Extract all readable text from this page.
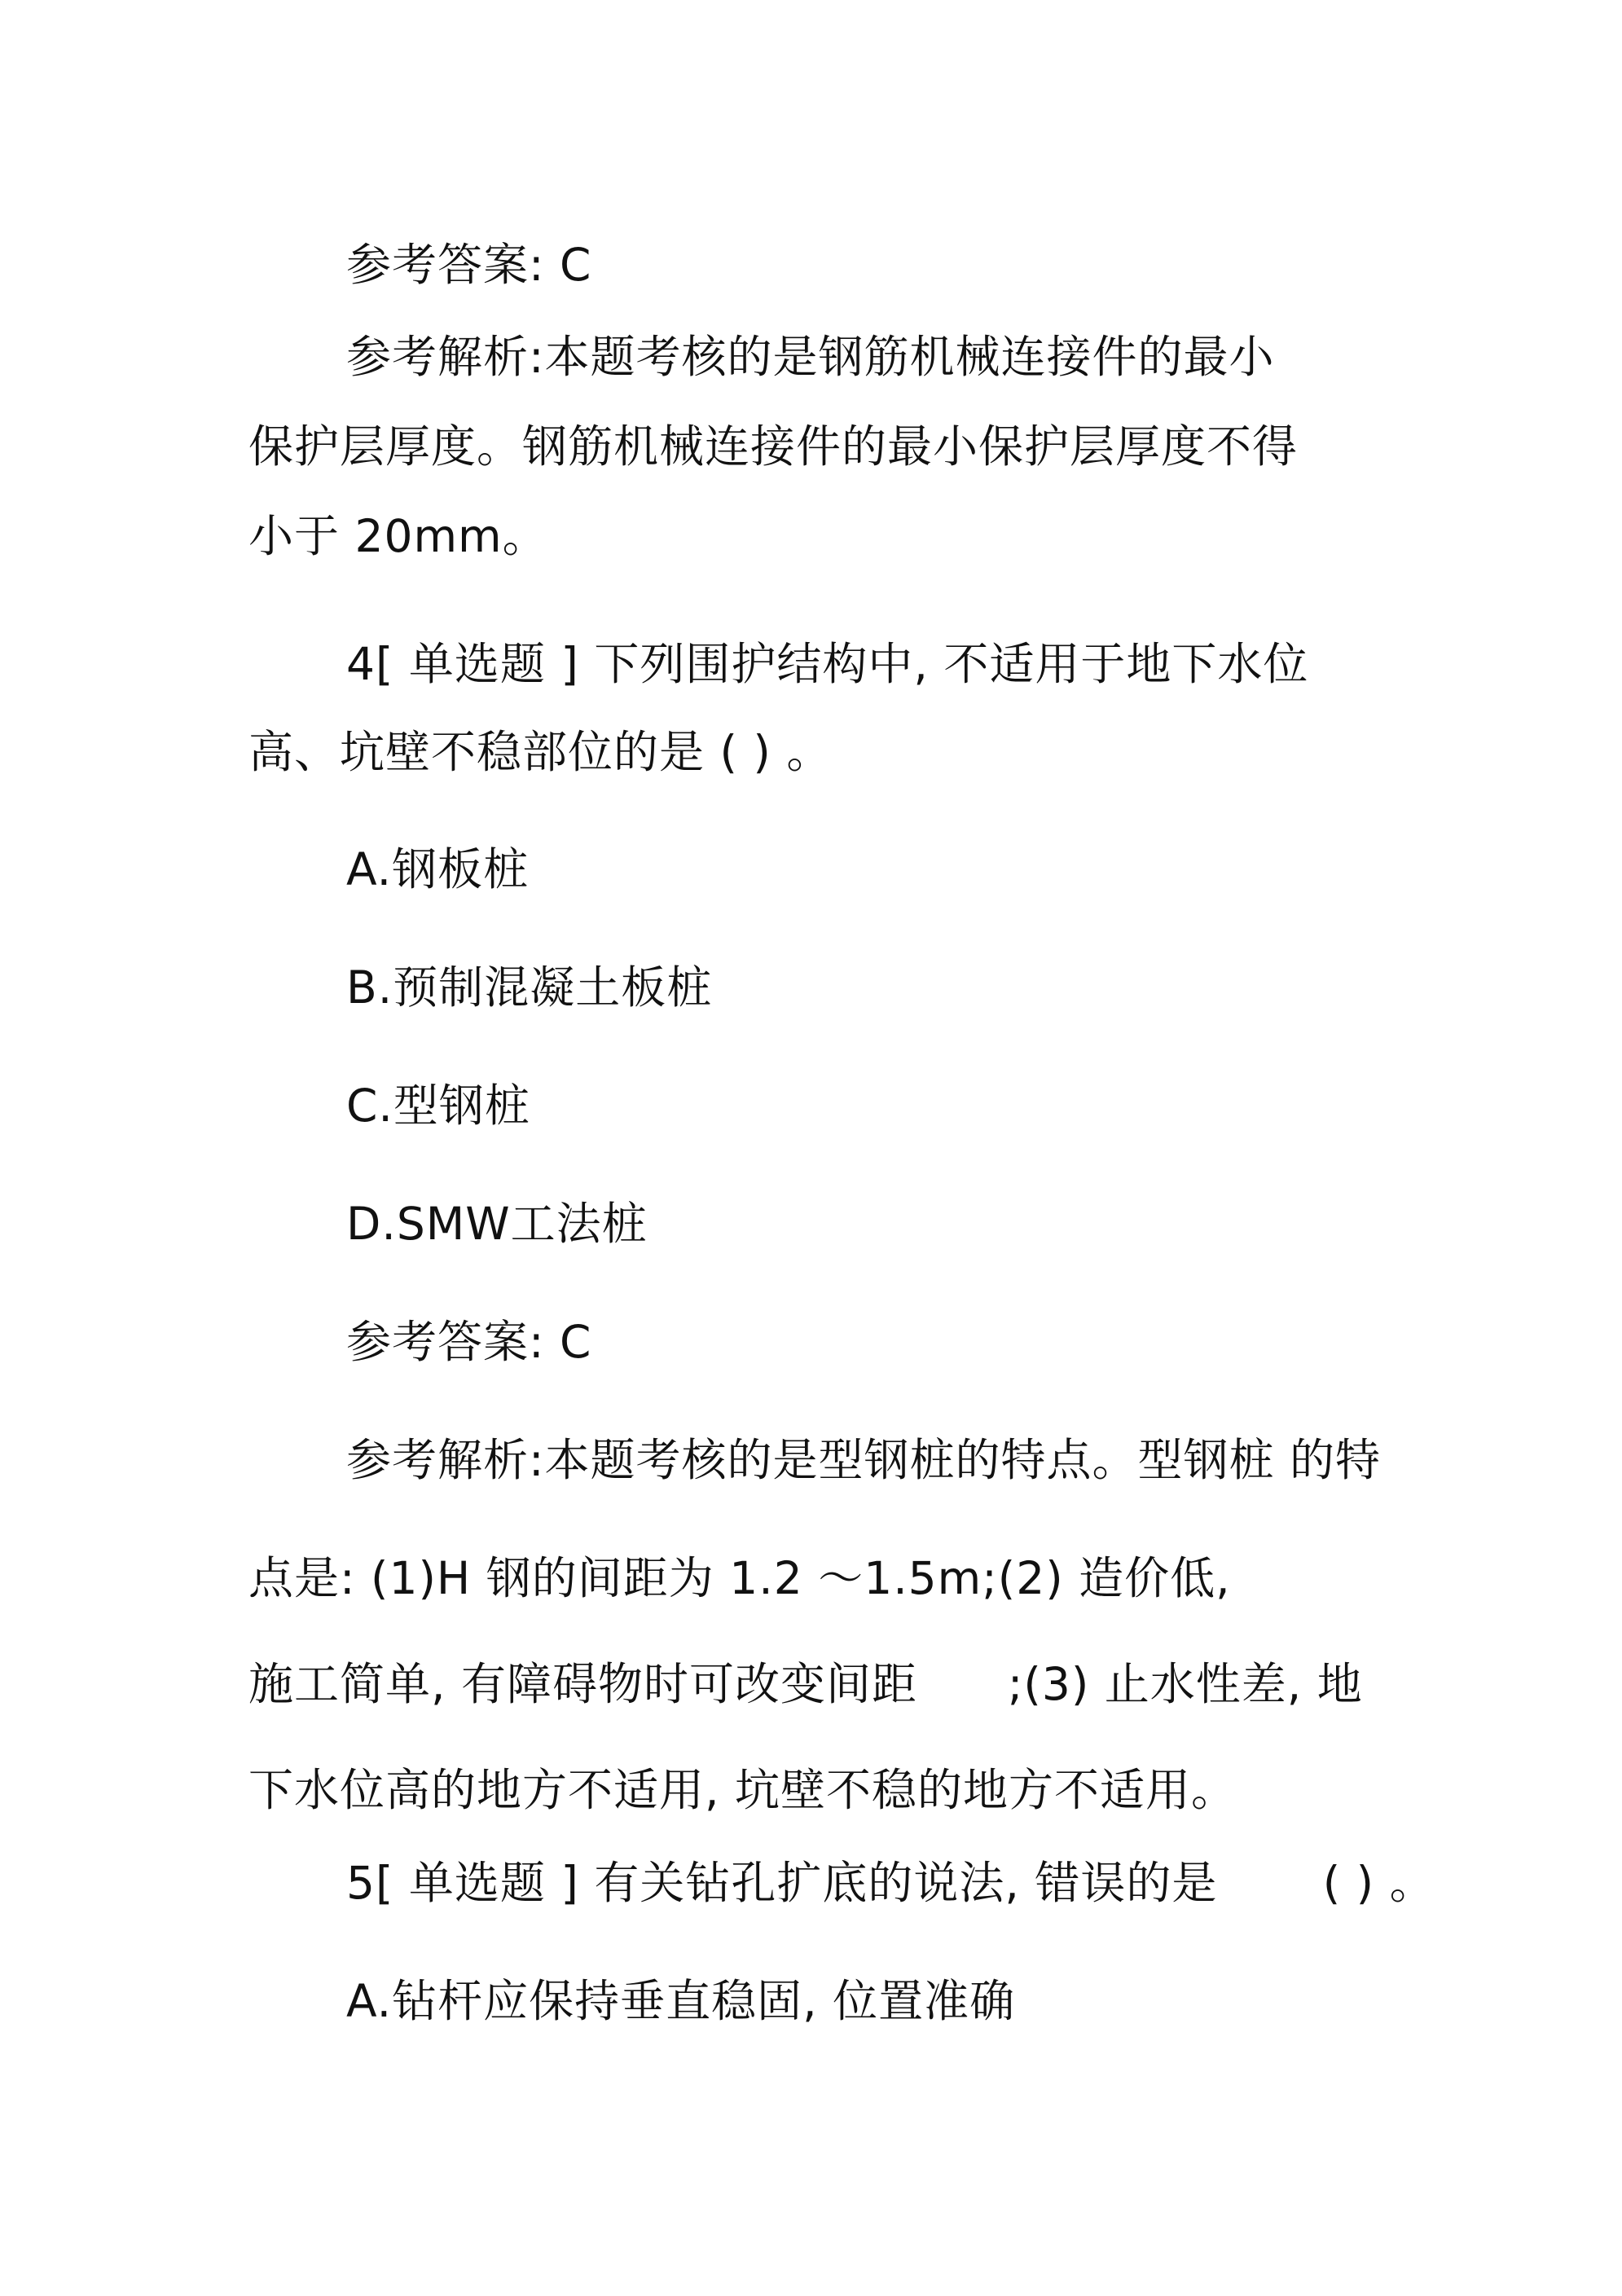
参考答案: C
参考解析:本题考核的是钢筋机械连接件的最小
保护层厚度。钢筋机械连接件的最小保护层厚度不得
小于 20mm。
4[ 单选题 ] 下列围护结构中, 不适用于地下水位
高、坑壁不稳部位的是 ( ) 。
A.钢板桩
B.预制混凝土板桩
C.型钢桩
D.SMW工法桩
参考答案: C
参考解析:本题考核的是型钢桩的特点。型钢桩 的特
点是: (1)H 钢的间距为 1.2 ～1.5m;(2) 造价低,
施工简单, 有障碍物时可改变间距      ;(3) 止水性差, 地
下水位高的地方不适用, 坑壁不稳的地方不适用。
5[ 单选题 ] 有关钻孔扩底的说法, 错误的是       ( ) 。
A.钻杆应保持垂直稳固, 位置准确
